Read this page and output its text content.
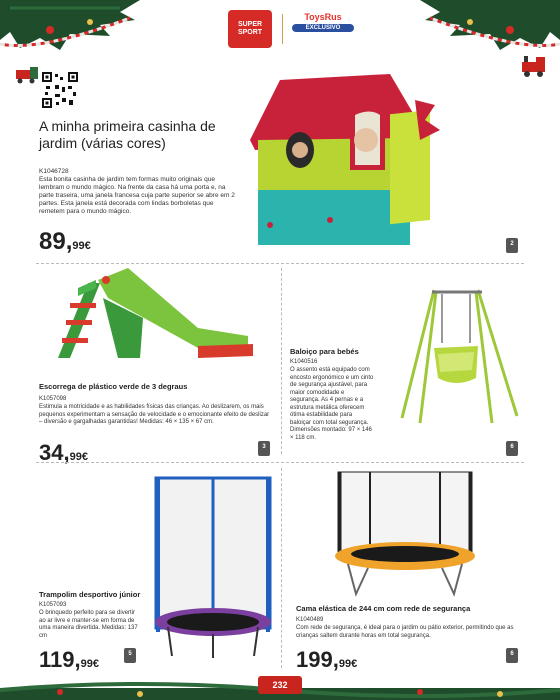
SUPER SPORT
ToysRus
EXCLUSIVO
A minha primeira casinha de jardim (várias cores)
K1046728
Esta bonita casinha de jardim tem formas muito originais que lembram o mundo mágico. Na frente da casa há uma porta e, na parte traseira, uma janela francesa cuja parte superior se abre em 2 partes. Esta janela está decorada com lindas borboletas que remetem para o mundo mágico.
89,99€	2
Escorrega de plástico verde de 3 degraus
K1057098
Estimula a motricidade e as habilidades físicas das crianças. Ao deslizarem, os mais pequenos experimentam a sensação de velocidade e o emocionante efeito de deslizar – diversão e gargalhadas garantidas! Medidas: 46 × 135 × 67 cm.
34,99€
3
Baloiço para bebés
K1040516
O assento está equipado com encosto ergonómico e um cinto de segurança ajustável, para maior comodidade e segurança. As 4 pernas e a estrutura metálica oferecem ótima estabilidade para baloiçar com total segurança. Dimensões montado: 97 × 146 × 118 cm.
6
Trampolim desportivo júnior
K1057093
O brinquedo perfeito para se divertir ao ar livre e manter-se em forma de uma maneira divertida. Medidas: 137 cm
119,99€
5
Cama elástica de 244 cm com rede de segurança
K1040489
Com rede de segurança, é ideal para o jardim ou pátio exterior, permitindo que as crianças saltem durante horas em total segurança.
199,99€
6
232
